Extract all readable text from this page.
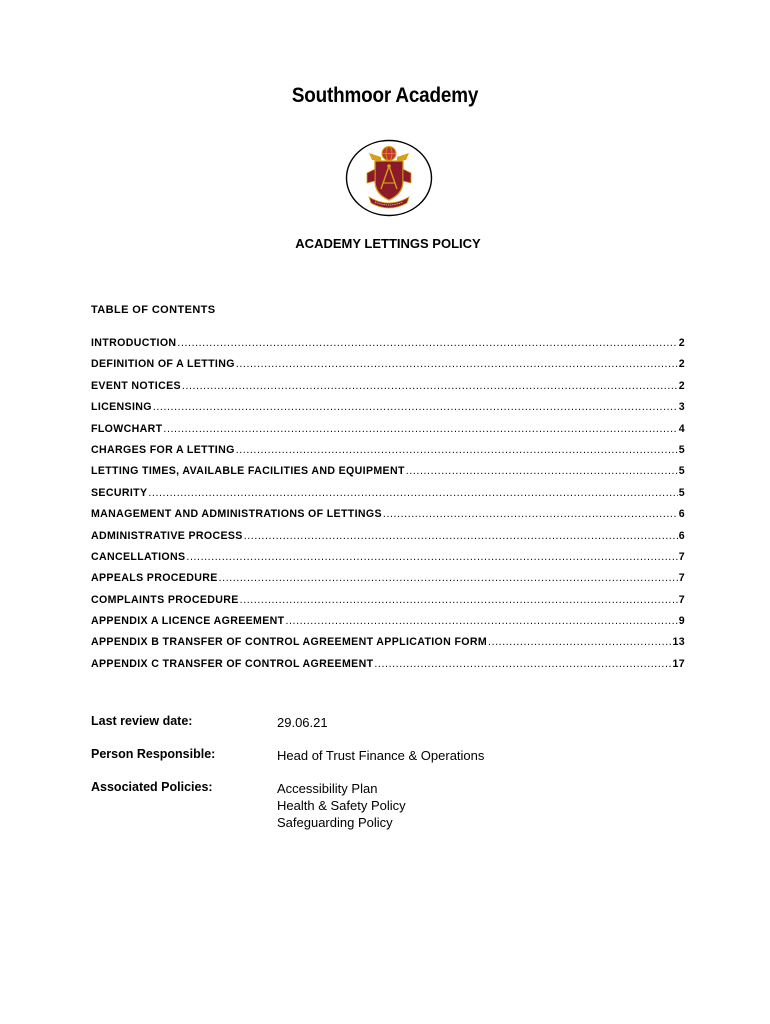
Southmoor Academy
ACADEMY LETTINGS POLICY
TABLE OF CONTENTS
INTRODUCTION .....	2
DEFINITION OF A LETTING .....	2
EVENT NOTICES .....	2
LICENSING .....	3
FLOWCHART .....	4
CHARGES FOR A LETTING .....	5
LETTING TIMES, AVAILABLE FACILITIES AND EQUIPMENT .....	5
SECURITY .....	5
MANAGEMENT AND ADMINISTRATIONS OF LETTINGS .....	6
ADMINISTRATIVE PROCESS .....	6
CANCELLATIONS .....	7
APPEALS PROCEDURE .....	7
COMPLAINTS PROCEDURE .....	7
APPENDIX A LICENCE AGREEMENT .....	9
APPENDIX B TRANSFER OF CONTROL AGREEMENT APPLICATION FORM .....	13
APPENDIX C TRANSFER OF CONTROL AGREEMENT .....	17
Last review date:	29.06.21
Person Responsible:	Head of Trust Finance & Operations
Associated Policies:	Accessibility Plan
Health & Safety Policy
Safeguarding Policy
